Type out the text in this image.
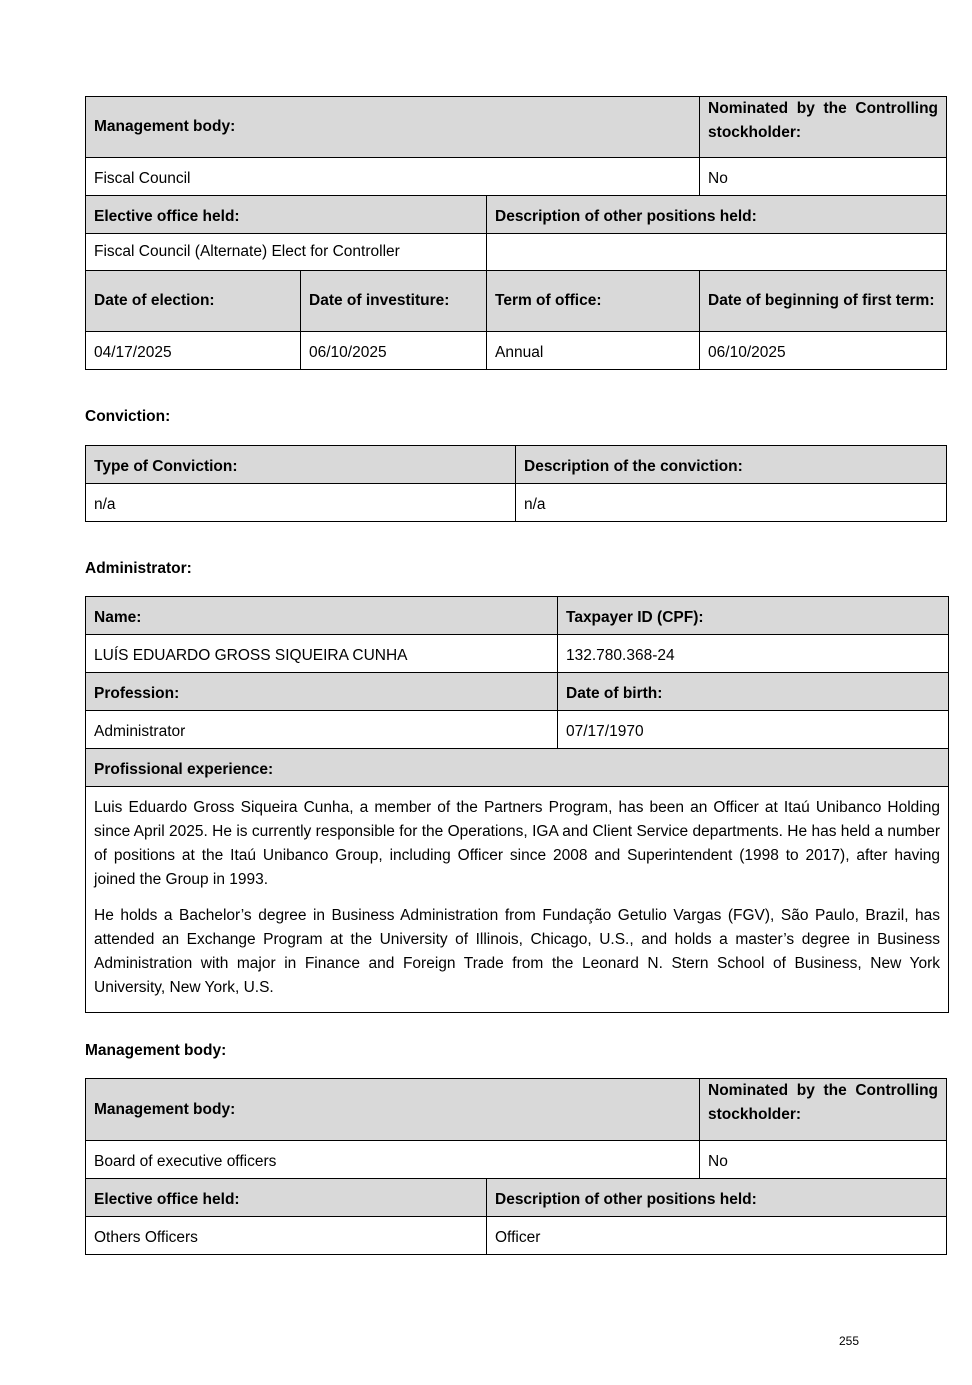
Management body:			Nominated by the Controlling stockholder:
Fiscal Council			No
Elective office held:		Description of other positions held:	
Fiscal Council (Alternate) Elect for Controller			
Date of election:	Date of investiture:	Term of office:	Date of beginning of first term:
04/17/2025	06/10/2025	Annual	06/10/2025
Conviction:
Type of Conviction:	Description of the conviction:
n/a	n/a
Administrator:
Name:	Taxpayer ID (CPF):
LUÍS EDUARDO GROSS SIQUEIRA CUNHA	132.780.368-24
Profession:	Date of birth:
Administrator	07/17/1970
Profissional experience:	

Luis Eduardo Gross Siqueira Cunha, a member of the Partners Program, has been an Officer at Itaú Unibanco Holding since April 2025. He is currently responsible for the Operations, IGA and Client Service departments. He has held a number of positions at the Itaú Unibanco Group, including Officer since 2008 and Superintendent (1998 to 2017), after having joined the Group in 1993.

He holds a Bachelor’s degree in Business Administration from Fundação Getulio Vargas (FGV), São Paulo, Brazil, has attended an Exchange Program at the University of Illinois, Chicago, U.S., and holds a master’s degree in Business Administration with major in Finance and Foreign Trade from the Leonard N. Stern School of Business, New York University, New York, U.S.	

Management body:
Management body:		Nominated by the Controlling stockholder:
Board of executive officers		No
Elective office held:	Description of other positions held:	
Others Officers	Officer	
255
